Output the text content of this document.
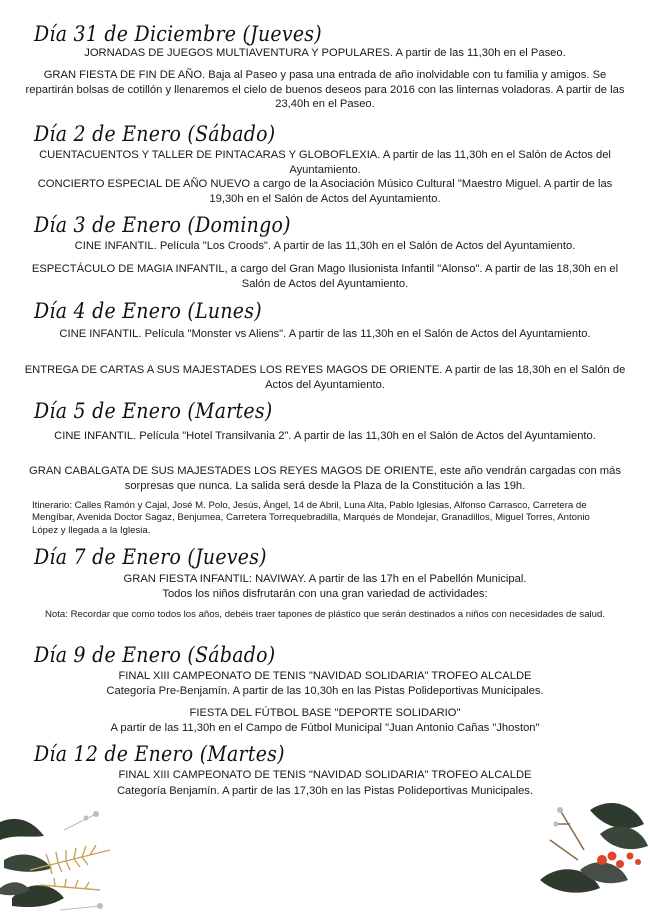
Día 31 de Diciembre (Jueves)

JORNADAS DE JUEGOS MULTIAVENTURA Y POPULARES. A partir de las 11,30h en el Paseo.

GRAN FIESTA DE FIN DE AÑO. Baja al Paseo y pasa una entrada de año inolvidable con tu familia y amigos. Se repartirán bolsas de cotillón y llenaremos el cielo de buenos deseos para 2016 con las linternas voladoras. A partir de las 23,40h en el Paseo.

Día 2 de Enero (Sábado)

CUENTACUENTOS Y TALLER DE PINTACARAS Y GLOBOFLEXIA. A partir de las 11,30h en el Salón de Actos del Ayuntamiento.

CONCIERTO ESPECIAL DE AÑO NUEVO a cargo de la Asociación Músico Cultural "Maestro Miguel. A partir de las 19,30h en el Salón de Actos del Ayuntamiento.

Día 3 de Enero (Domingo)

CINE INFANTIL. Película "Los Croods". A partir de las 11,30h en el Salón de Actos del Ayuntamiento.

ESPECTÁCULO DE MAGIA INFANTIL, a cargo del Gran Mago Ilusionista Infantil "Alonso". A partir de las 18,30h en el Salón de Actos del Ayuntamiento.

Día 4 de Enero (Lunes)

CINE INFANTIL. Película "Monster vs Aliens". A partir de las 11,30h en el Salón de Actos del Ayuntamiento.

ENTREGA DE CARTAS A SUS MAJESTADES LOS REYES MAGOS DE ORIENTE. A partir de las 18,30h en el Salón de Actos del Ayuntamiento.

Día 5 de Enero (Martes)

CINE INFANTIL. Película "Hotel Transilvania 2". A partir de las 11,30h en el Salón de Actos del Ayuntamiento.

GRAN CABALGATA DE SUS MAJESTADES LOS REYES MAGOS DE ORIENTE, este año vendrán cargadas con más sorpresas que nunca. La salida será desde la Plaza de la Constitución a las 19h.

Itinerario: Calles Ramón y Cajal, José M. Polo, Jesús, Ángel, 14 de Abril, Luna Alta, Pablo Iglesias, Alfonso Carrasco, Carretera de Mengíbar, Avenida Doctor Sagaz, Benjumea, Carretera Torrequebradilla, Marqués de Mondejar, Granadillos, Miguel Torres, Antonio López y llegada a la Iglesia.

Día 7 de Enero (Jueves)

GRAN FIESTA INFANTIL: NAVIWAY. A partir de las 17h en el Pabellón Municipal.

Todos los niños disfrutarán con una gran variedad de actividades:

Nota: Recordar que como todos los años, debéis traer tapones de plástico que serán destinados a niños con necesidades de salud.

Día 9 de Enero (Sábado)

FINAL XIII CAMPEONATO DE TENIS "NAVIDAD SOLIDARIA" TROFEO ALCALDE

Categoría Pre-Benjamín. A partir de las 10,30h en las Pistas Polideportivas Municipales.

FIESTA DEL FÚTBOL BASE "DEPORTE SOLIDARIO"

A partir de las 11,30h en el Campo de Fútbol Municipal "Juan Antonio Cañas "Jhoston"

Día 12 de Enero (Martes)

FINAL XIII CAMPEONATO DE TENIS "NAVIDAD SOLIDARIA" TROFEO ALCALDE

Categoría Benjamín. A partir de las 17,30h en las Pistas Polideportivas Municipales.
